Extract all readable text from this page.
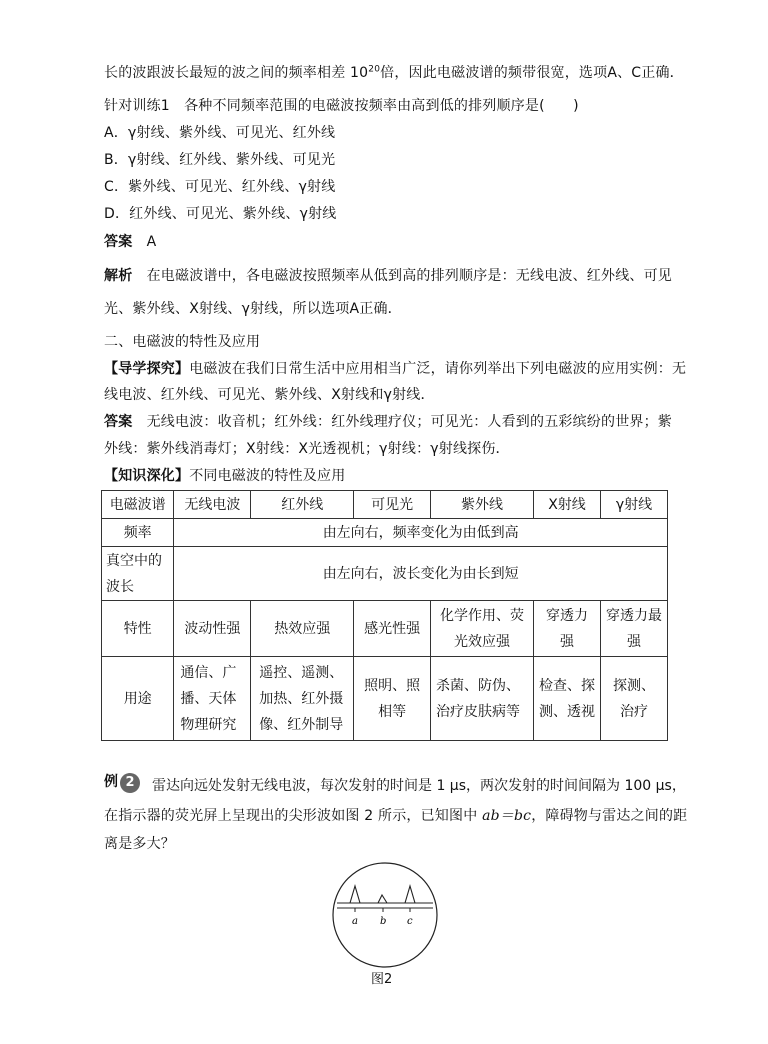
长的波跟波长最短的波之间的频率相差 $10^{20}$倍，因此电磁波谱的频带很宽，选项A、C正确．
针对训练1　各种不同频率范围的电磁波按频率由高到低的排列顺序是(　　)
A．γ射线、紫外线、可见光、红外线
B．γ射线、红外线、紫外线、可见光
C．紫外线、可见光、红外线、γ射线
D．红外线、可见光、紫外线、γ射线
答案　 A
解析　 在电磁波谱中，各电磁波按照频率从低到高的排列顺序是：无线电波、红外线、可见
光、紫外线、X射线、γ射线，所以选项A正确．
二、电磁波的特性及应用
【导学探究】电磁波在我们日常生活中应用相当广泛，请你列举出下列电磁波的应用实例：无
线电波、红外线、可见光、紫外线、X射线和γ射线．
答案　 无线电波：收音机；红外线：红外线理疗仪；可见光：人看到的五彩缤纷的世界；紫
外线：紫外线消毒灯；X射线：X光透视机；γ射线：γ射线探伤．
【知识深化】不同电磁波的特性及应用
电磁波谱	无线电波	红外线	可见光	紫外线	X射线	γ射线
频率	由左向右，频率变化为由低到高					

真空中的
波长	由左向右，波长变化为由长到短					
特性	波动性强	热效应强	感光性强	化学作用、荧光效应强	穿透力强	穿透力最强

用途	通信、广播、天体物理研究	遥控、遥测、加热、红外摄像、红外制导	照明、照相等	杀菌、防伪、治疗皮肤病等	检查、探测、透视	探测、治疗
例 2	雷达向远处发射无线电波，每次发射的时间是 1 μs，两次发射的时间间隔为 100 μs，
在指示器的荧光屏上呈现出的尖形波如图 2 所示，已知图中 ab＝bc，障碍物与雷达之间的距
离是多大？
a b c
图2
